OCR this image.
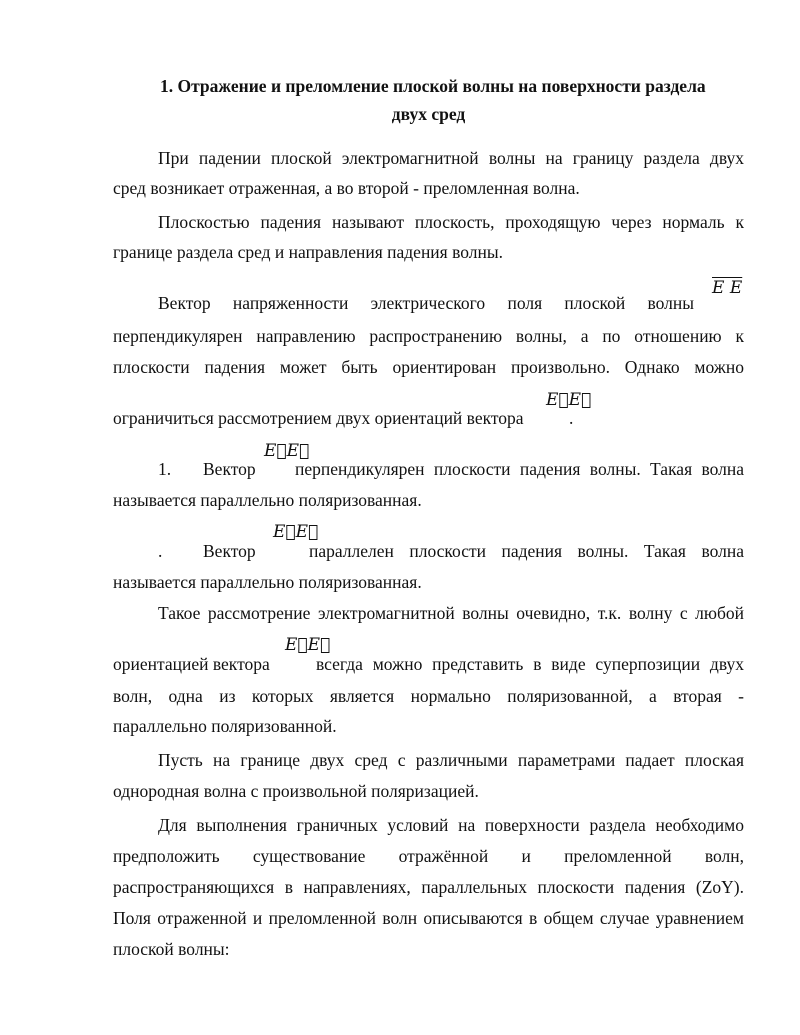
1. Отражение и преломление плоской волны на поверхности раздела
двух сред
При падении плоской электромагнитной волны на границу раздела двух
сред возникает отраженная, а во второй - преломленная волна.
Плоскостью падения называют плоскость, проходящую через нормаль к
границе раздела сред и направления падения волны.
Вектор напряженности электрического поля плоской волны
E E
перпендикулярен направлению распространению волны, а по отношению к
плоскости падения может быть ориентирован произвольно. Однако можно
ограничиться рассмотрением двух ориентаций вектора
E⃗E⃗
.
1.	Вектор
E⃗E⃗
перпендикулярен плоскости падения волны. Такая волна
называется параллельно поляризованная.
.	Вектор
E⃗E⃗
параллелен плоскости падения волны. Такая волна
называется параллельно поляризованная.
Такое рассмотрение электромагнитной волны очевидно, т.к. волну с любой
ориентацией вектора
E⃗E⃗
всегда можно представить в виде суперпозиции двух
волн, одна из которых является нормально поляризованной, а вторая -
параллельно поляризованной.
Пусть на границе двух сред с различными параметрами падает плоская
однородная волна с произвольной поляризацией.
Для выполнения граничных условий на поверхности раздела необходимо
предположить существование отражённой и преломленной волн,
распространяющихся в направлениях, параллельных плоскости падения (ZoY).
Поля отраженной и преломленной волн описываются в общем случае уравнением
плоской волны:
